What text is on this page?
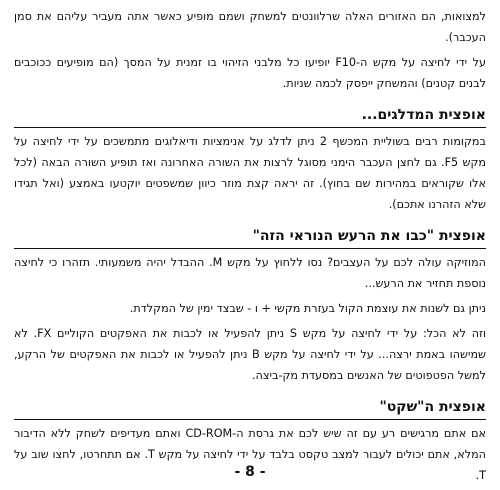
למצואות, הם האזורים האלה שרלוונטים למשחק ושמם מופיע כאשר אתה מעביר עליהם את סמן העכבר).

על ידי לחיצה על מקש ה-F10 יופיעו כל מלבני הזיהוי בו זמנית על המסך (הם מופיעים ככוכבים לבנים קטנים) והמשחק ייפסק לכמה שניות.

אופצית המדלגים...

במקומות רבים בשוליית המכשף 2 ניתן לדלג על אנימציות ודיאלוגים מתמשכים על ידי לחיצה על מקש F5. גם לחצן העכבר הימני מסוגל לרצות את השורה האחרונה ואז תופיע השורה הבאה (לכל אלו שקוראים במהירות שם בחוץ). זה יראה קצת מוזר כיוון שמשפטים יוקטעו באמצע (ואל תגידו שלא הזהרנו אתכם).

אופצית "כבו את הרעש הנוראי הזה"

המוזיקה עולה לכם על העצבים? נסו ללחוץ על מקש M. ההבדל יהיה משמעותי. תזהרו כי לחיצה נוספת תחזיר את הרעש...

ניתן גם לשנות את עוצמת הקול בעזרת מקשי + ו - שבצד ימין של המקלדת.

וזה לא הכל: על ידי לחיצה על מקש S ניתן להפעיל או לכבות את האפקטים הקוליים FX. לא שמישהו באמת ירצה... על ידי לחיצה על מקש B ניתן להפעיל או לכבות את האפקטים של הרקע, למשל הפטפוטים של האנשים במסעדת מק-ביצה.

אופצית ה"שקט"

אם אתם מרגישים רע עם זה שיש לכם את גרסת ה-CD-ROM ואתם מעדיפים לשחק ללא הדיבור המלא, אתם יכולים לעבור למצב טקסט בלבד על ידי לחיצה על מקש T. אם תתחרטו, לחצו שוב על T.

- 8 -
